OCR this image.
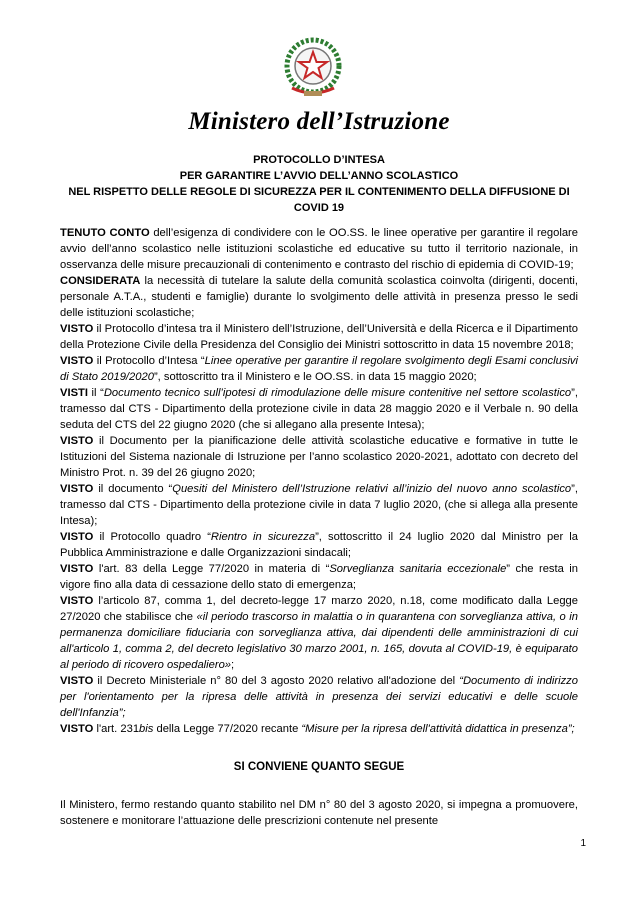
Ministero dell’Istruzione
PROTOCOLLO D’INTESA
PER GARANTIRE L’AVVIO DELL’ANNO SCOLASTICO
NEL RISPETTO DELLE REGOLE DI SICUREZZA PER IL CONTENIMENTO DELLA DIFFUSIONE DI
COVID 19

TENUTO CONTO dell’esigenza di condividere con le OO.SS. le linee operative per garantire il regolare avvio dell’anno scolastico nelle istituzioni scolastiche ed educative su tutto il territorio nazionale, in osservanza delle misure precauzionali di contenimento e contrasto del rischio di epidemia di COVID-19;

CONSIDERATA la necessità di tutelare la salute della comunità scolastica coinvolta (dirigenti, docenti, personale A.T.A., studenti e famiglie) durante lo svolgimento delle attività in presenza presso le sedi delle istituzioni scolastiche;

VISTO il Protocollo d’intesa tra il Ministero dell’Istruzione, dell’Università e della Ricerca e il Dipartimento della Protezione Civile della Presidenza del Consiglio dei Ministri sottoscritto in data 15 novembre 2018;

VISTO il Protocollo d’Intesa “Linee operative per garantire il regolare svolgimento degli Esami conclusivi di Stato 2019/2020”, sottoscritto tra il Ministero e le OO.SS. in data 15 maggio 2020;

VISTI il “Documento tecnico sull’ipotesi di rimodulazione delle misure contenitive nel settore scolastico”, tramesso dal CTS - Dipartimento della protezione civile in data 28 maggio 2020 e il Verbale n. 90 della seduta del CTS del 22 giugno 2020 (che si allegano alla presente Intesa);

VISTO il Documento per la pianificazione delle attività scolastiche educative e formative in tutte le Istituzioni del Sistema nazionale di Istruzione per l’anno scolastico 2020-2021, adottato con decreto del Ministro Prot. n. 39 del 26 giugno 2020;

VISTO il documento “Quesiti del Ministero dell’Istruzione relativi all’inizio del nuovo anno scolastico”, tramesso dal CTS - Dipartimento della protezione civile in data 7 luglio 2020, (che si allega alla presente Intesa);

VISTO il Protocollo quadro “Rientro in sicurezza”, sottoscritto il 24 luglio 2020 dal Ministro per la Pubblica Amministrazione e dalle Organizzazioni sindacali;

VISTO l'art. 83 della Legge 77/2020 in materia di “Sorveglianza sanitaria eccezionale” che resta in vigore fino alla data di cessazione dello stato di emergenza;

VISTO l’articolo 87, comma 1, del decreto-legge 17 marzo 2020, n.18, come modificato dalla Legge 27/2020 che stabilisce che «il periodo trascorso in malattia o in quarantena con sorveglianza attiva, o in permanenza domiciliare fiduciaria con sorveglianza attiva, dai dipendenti delle amministrazioni di cui all'articolo 1, comma 2, del decreto legislativo 30 marzo 2001, n. 165, dovuta al COVID-19, è equiparato al periodo di ricovero ospedaliero»;

VISTO il Decreto Ministeriale n° 80 del 3 agosto 2020 relativo all'adozione del “Documento di indirizzo per l'orientamento per la ripresa delle attività in presenza dei servizi educativi e delle scuole dell'Infanzia”;

VISTO l'art. 231bis della Legge 77/2020 recante “Misure per la ripresa dell'attività didattica in presenza”;

SI CONVIENE QUANTO SEGUE

Il Ministero, fermo restando quanto stabilito nel DM n° 80 del 3 agosto 2020, si impegna a promuovere, sostenere e monitorare l’attuazione delle prescrizioni contenute nel presente

1
